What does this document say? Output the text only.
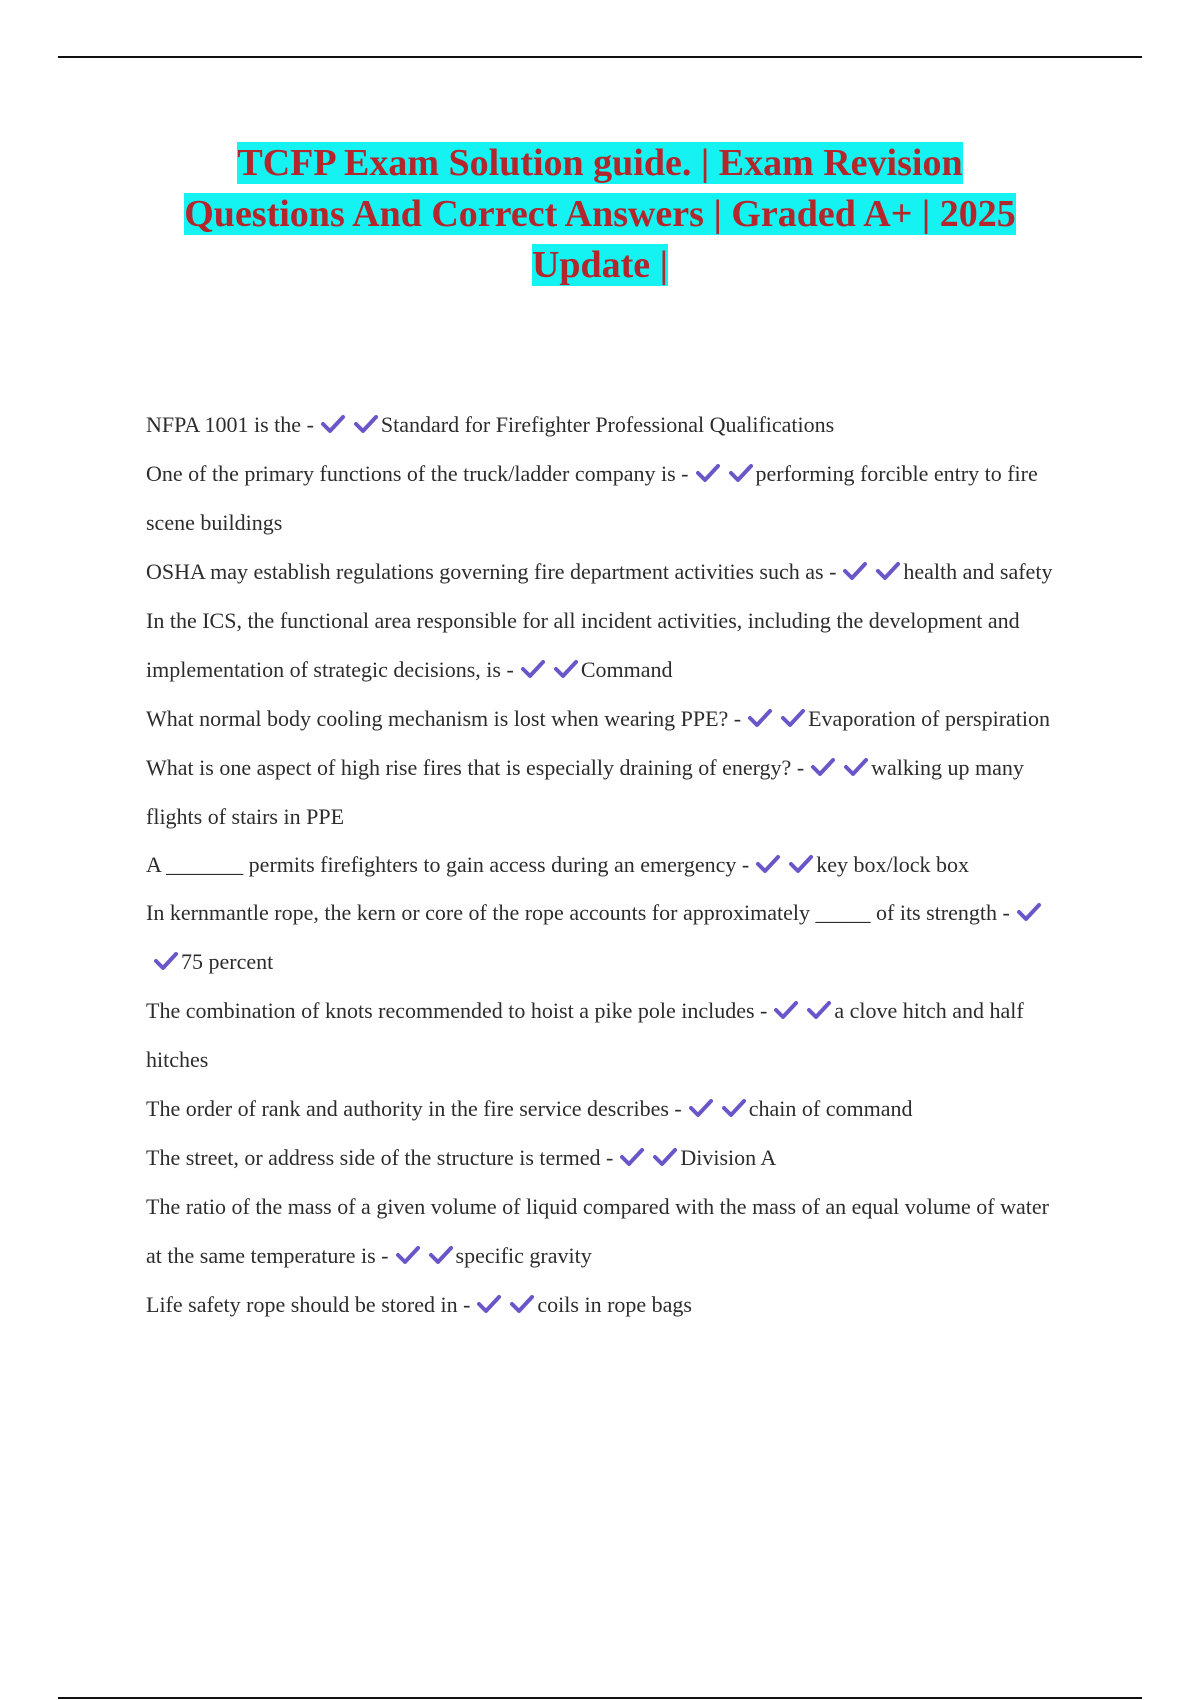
TCFP Exam Solution guide. | Exam Revision
Questions And Correct Answers | Graded A+ | 2025
Update |

NFPA 1001 is the -	Standard for Firefighter Professional Qualifications

One of the primary functions of the truck/ladder company is -	performing forcible entry to fire scene buildings

OSHA may establish regulations governing fire department activities such as -	health and safety

In the ICS, the functional area responsible for all incident activities, including the development and implementation of strategic decisions, is -	Command

What normal body cooling mechanism is lost when wearing PPE? -	Evaporation of perspiration

What is one aspect of high rise fires that is especially draining of energy? -	walking up many flights of stairs in PPE

A _______ permits firefighters to gain access during an emergency -	key box/lock box

In kernmantle rope, the kern or core of the rope accounts for approximately _____ of its strength -75 percent

The combination of knots recommended to hoist a pike pole includes -	a clove hitch and half hitches

The order of rank and authority in the fire service describes -	chain of command

The street, or address side of the structure is termed -	Division A

The ratio of the mass of a given volume of liquid compared with the mass of an equal volume of water at the same temperature is -	specific gravity

Life safety rope should be stored in -	coils in rope bags
